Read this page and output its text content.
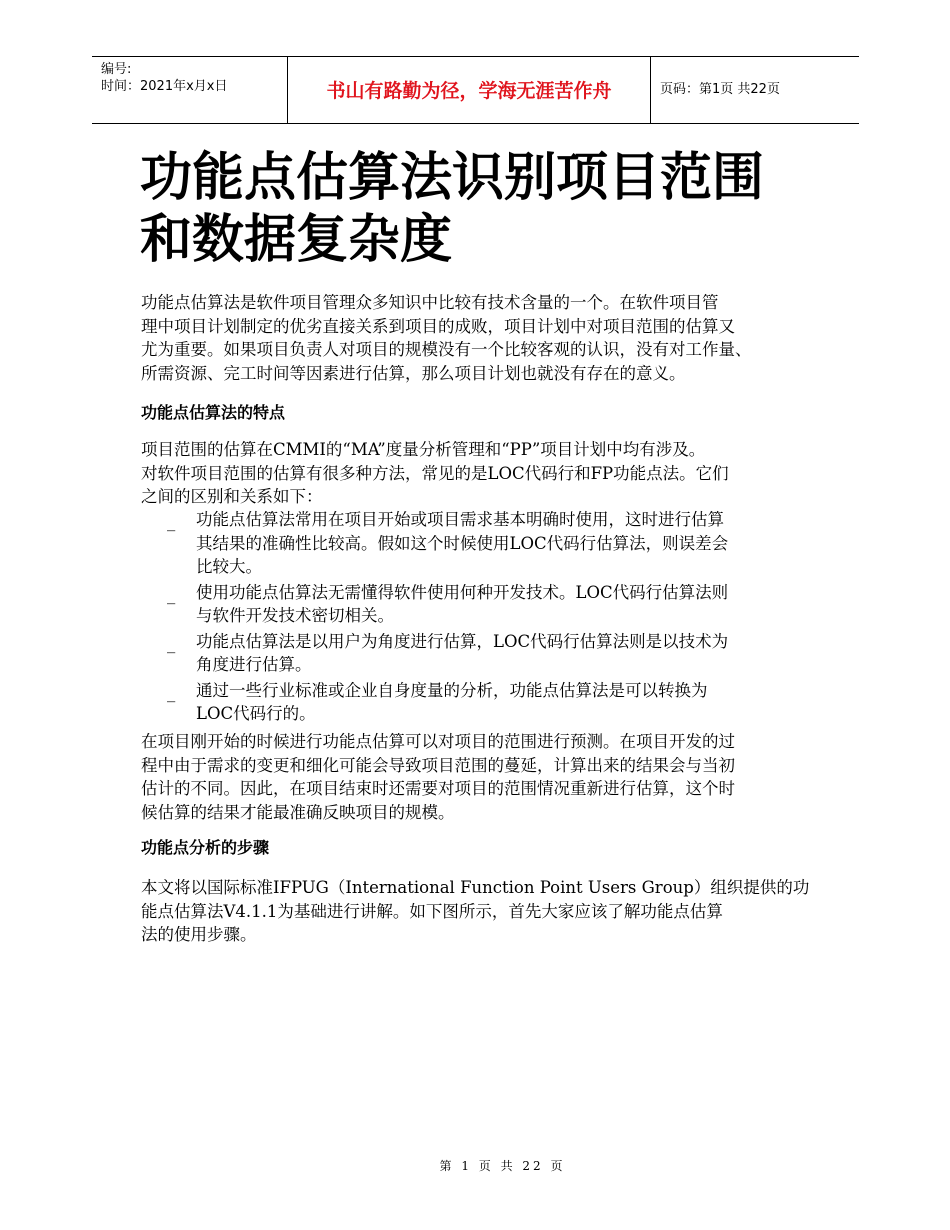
编号:
时间：2021年x月x日	书山有路勤为径，学海无涯苦作舟	页码：第1页 共22页
功能点估算法识别项目范围
和数据复杂度

功能点估算法是软件项目管理众多知识中比较有技术含量的一个。在软件项目管
理中项目计划制定的优劣直接关系到项目的成败，项目计划中对项目范围的估算又
尤为重要。如果项目负责人对项目的规模没有一个比较客观的认识，没有对工作量、
所需资源、完工时间等因素进行估算，那么项目计划也就没有存在的意义。

功能点估算法的特点

项目范围的估算在CMMI的“MA”度量分析管理和“PP”项目计划中均有涉及。
对软件项目范围的估算有很多种方法，常见的是LOC代码行和FP功能点法。它们
之间的区别和关系如下：

_ 功能点估算法常用在项目开始或项目需求基本明确时使用，这时进行估算
其结果的准确性比较高。假如这个时候使用LOC代码行估算法，则误差会
比较大。
_ 使用功能点估算法无需懂得软件使用何种开发技术。LOC代码行估算法则
与软件开发技术密切相关。
_ 功能点估算法是以用户为角度进行估算，LOC代码行估算法则是以技术为
角度进行估算。
_ 通过一些行业标准或企业自身度量的分析，功能点估算法是可以转换为
LOC代码行的。

在项目刚开始的时候进行功能点估算可以对项目的范围进行预测。在项目开发的过
程中由于需求的变更和细化可能会导致项目范围的蔓延，计算出来的结果会与当初
估计的不同。因此，在项目结束时还需要对项目的范围情况重新进行估算，这个时
候估算的结果才能最准确反映项目的规模。

功能点分析的步骤

本文将以国际标准IFPUG（International Function Point Users Group）组织提供的功
能点估算法V4.1.1为基础进行讲解。如下图所示，首先大家应该了解功能点估算
法的使用步骤。

第 1 页 共 22 页
